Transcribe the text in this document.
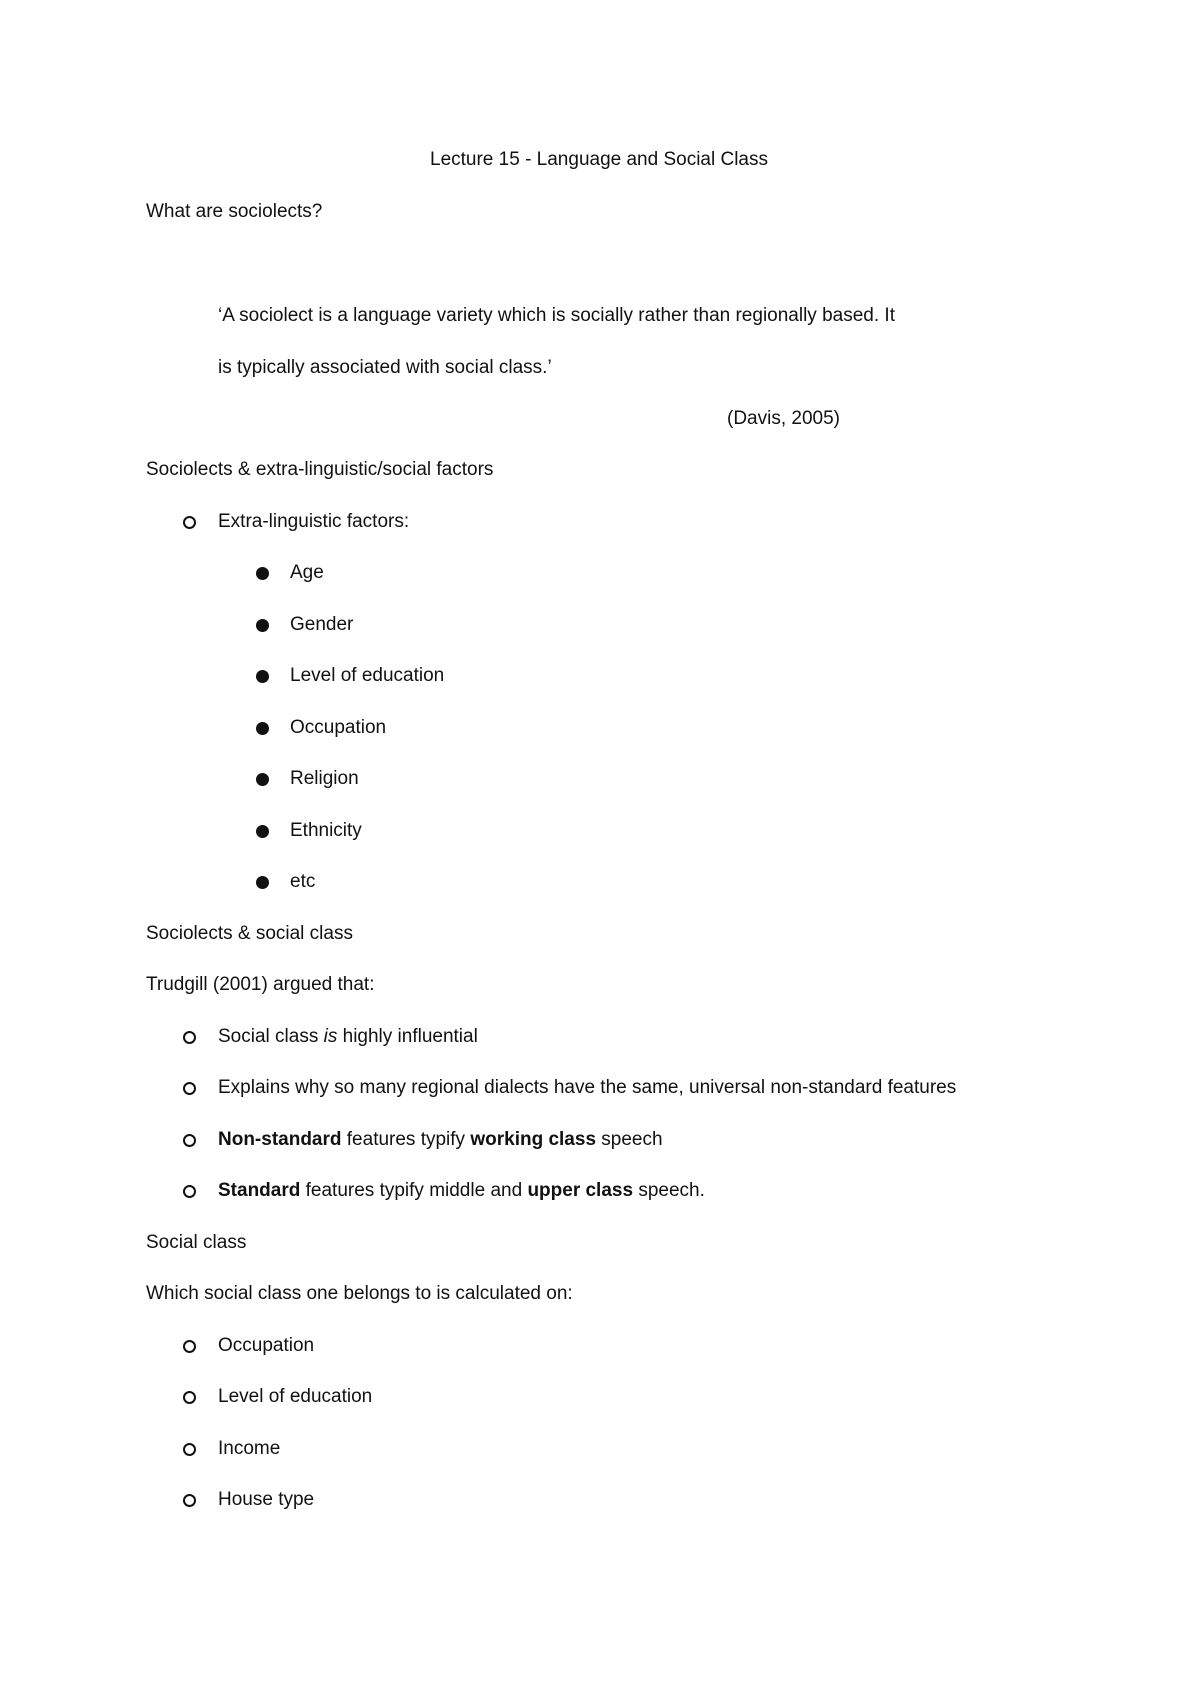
Lecture 15 - Language and Social Class
What are sociolects?
‘A sociolect is a language variety which is socially rather than regionally based. It
is typically associated with social class.’
(Davis, 2005)
Sociolects & extra-linguistic/social factors
Extra-linguistic factors:
Age
Gender
Level of education
Occupation
Religion
Ethnicity
etc
Sociolects & social class
Trudgill (2001) argued that:
Social class is highly influential
Explains why so many regional dialects have the same, universal non-standard features
Non-standard features typify working class speech
Standard features typify middle and upper class speech.
Social class
Which social class one belongs to is calculated on:
Occupation
Level of education
Income
House type
